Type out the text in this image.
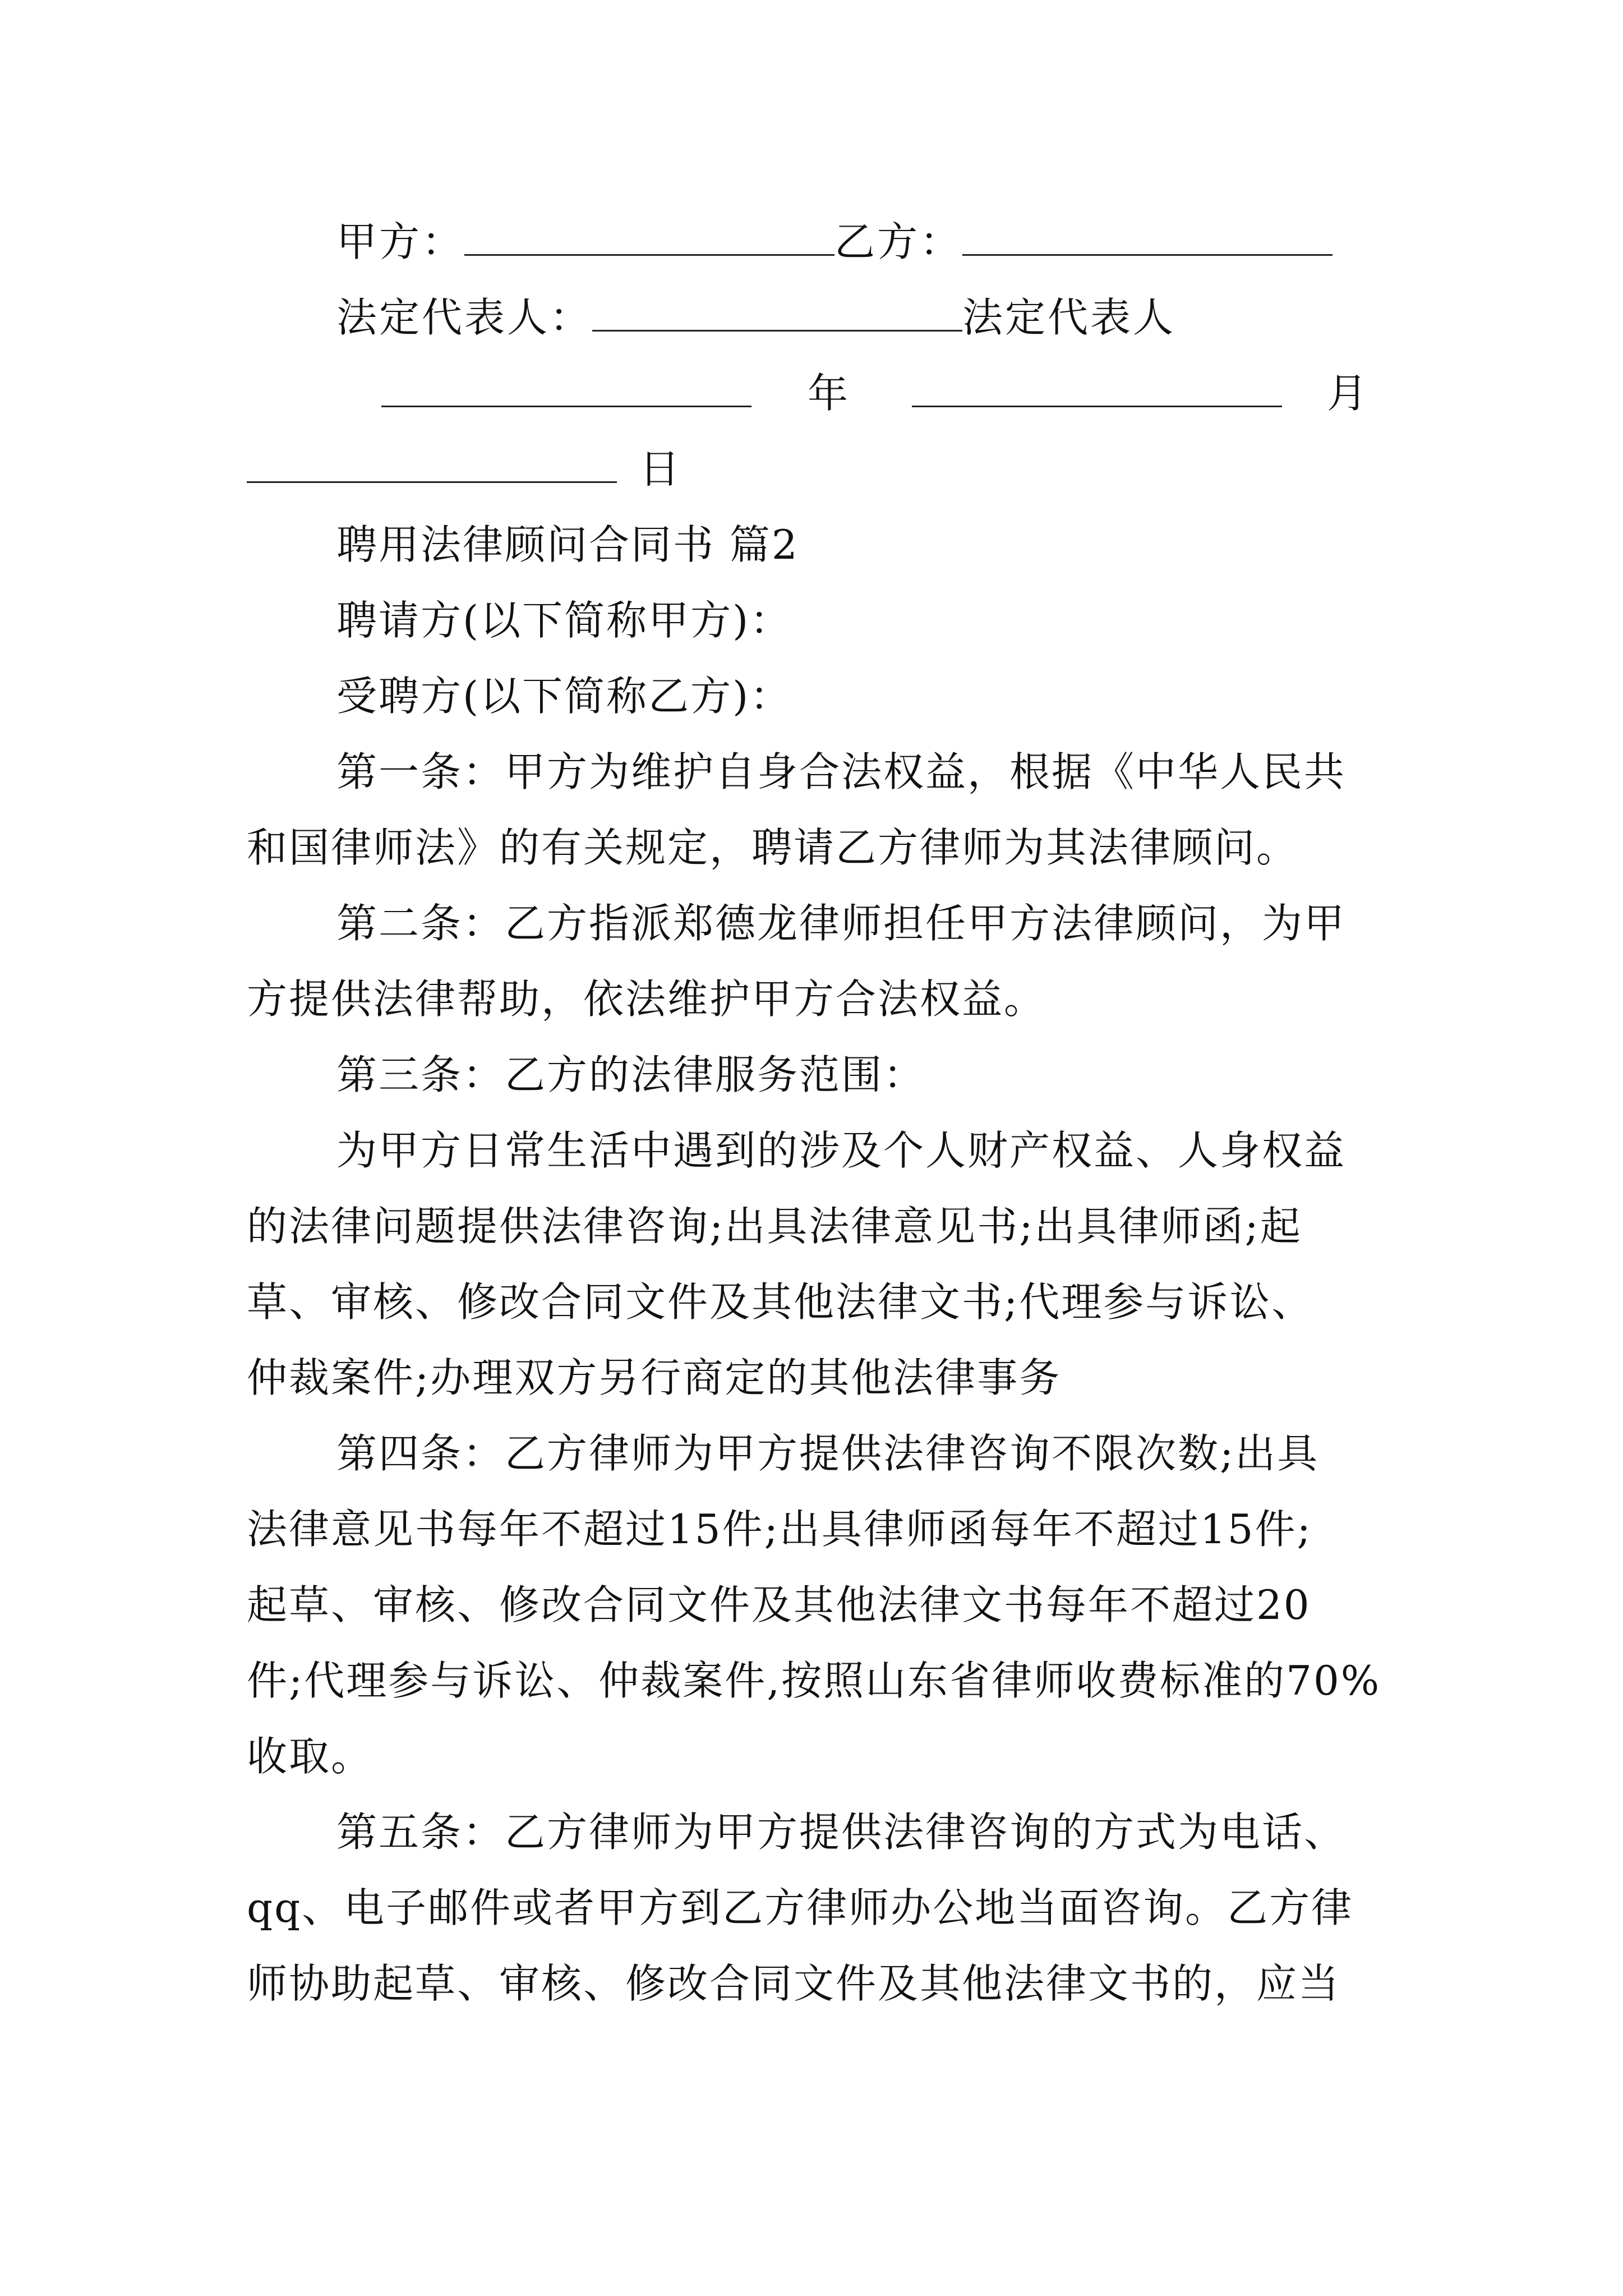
甲方：	乙方：
法定代表人：	法定代表人
年	月
日
聘用法律顾问合同书 篇2
聘请方(以下简称甲方)：
受聘方(以下简称乙方)：
第一条：甲方为维护自身合法权益，根据《中华人民共
和国律师法》的有关规定，聘请乙方律师为其法律顾问。
第二条：乙方指派郑德龙律师担任甲方法律顾问，为甲
方提供法律帮助，依法维护甲方合法权益。
第三条：乙方的法律服务范围：
为甲方日常生活中遇到的涉及个人财产权益、人身权益
的法律问题提供法律咨询;出具法律意见书;出具律师函;起
草、审核、修改合同文件及其他法律文书;代理参与诉讼、
仲裁案件;办理双方另行商定的其他法律事务
第四条：乙方律师为甲方提供法律咨询不限次数;出具
法律意见书每年不超过15件;出具律师函每年不超过15件;
起草、审核、修改合同文件及其他法律文书每年不超过20
件;代理参与诉讼、仲裁案件,按照山东省律师收费标准的70%
收取。
第五条：乙方律师为甲方提供法律咨询的方式为电话、
qq、电子邮件或者甲方到乙方律师办公地当面咨询。乙方律
师协助起草、审核、修改合同文件及其他法律文书的，应当
